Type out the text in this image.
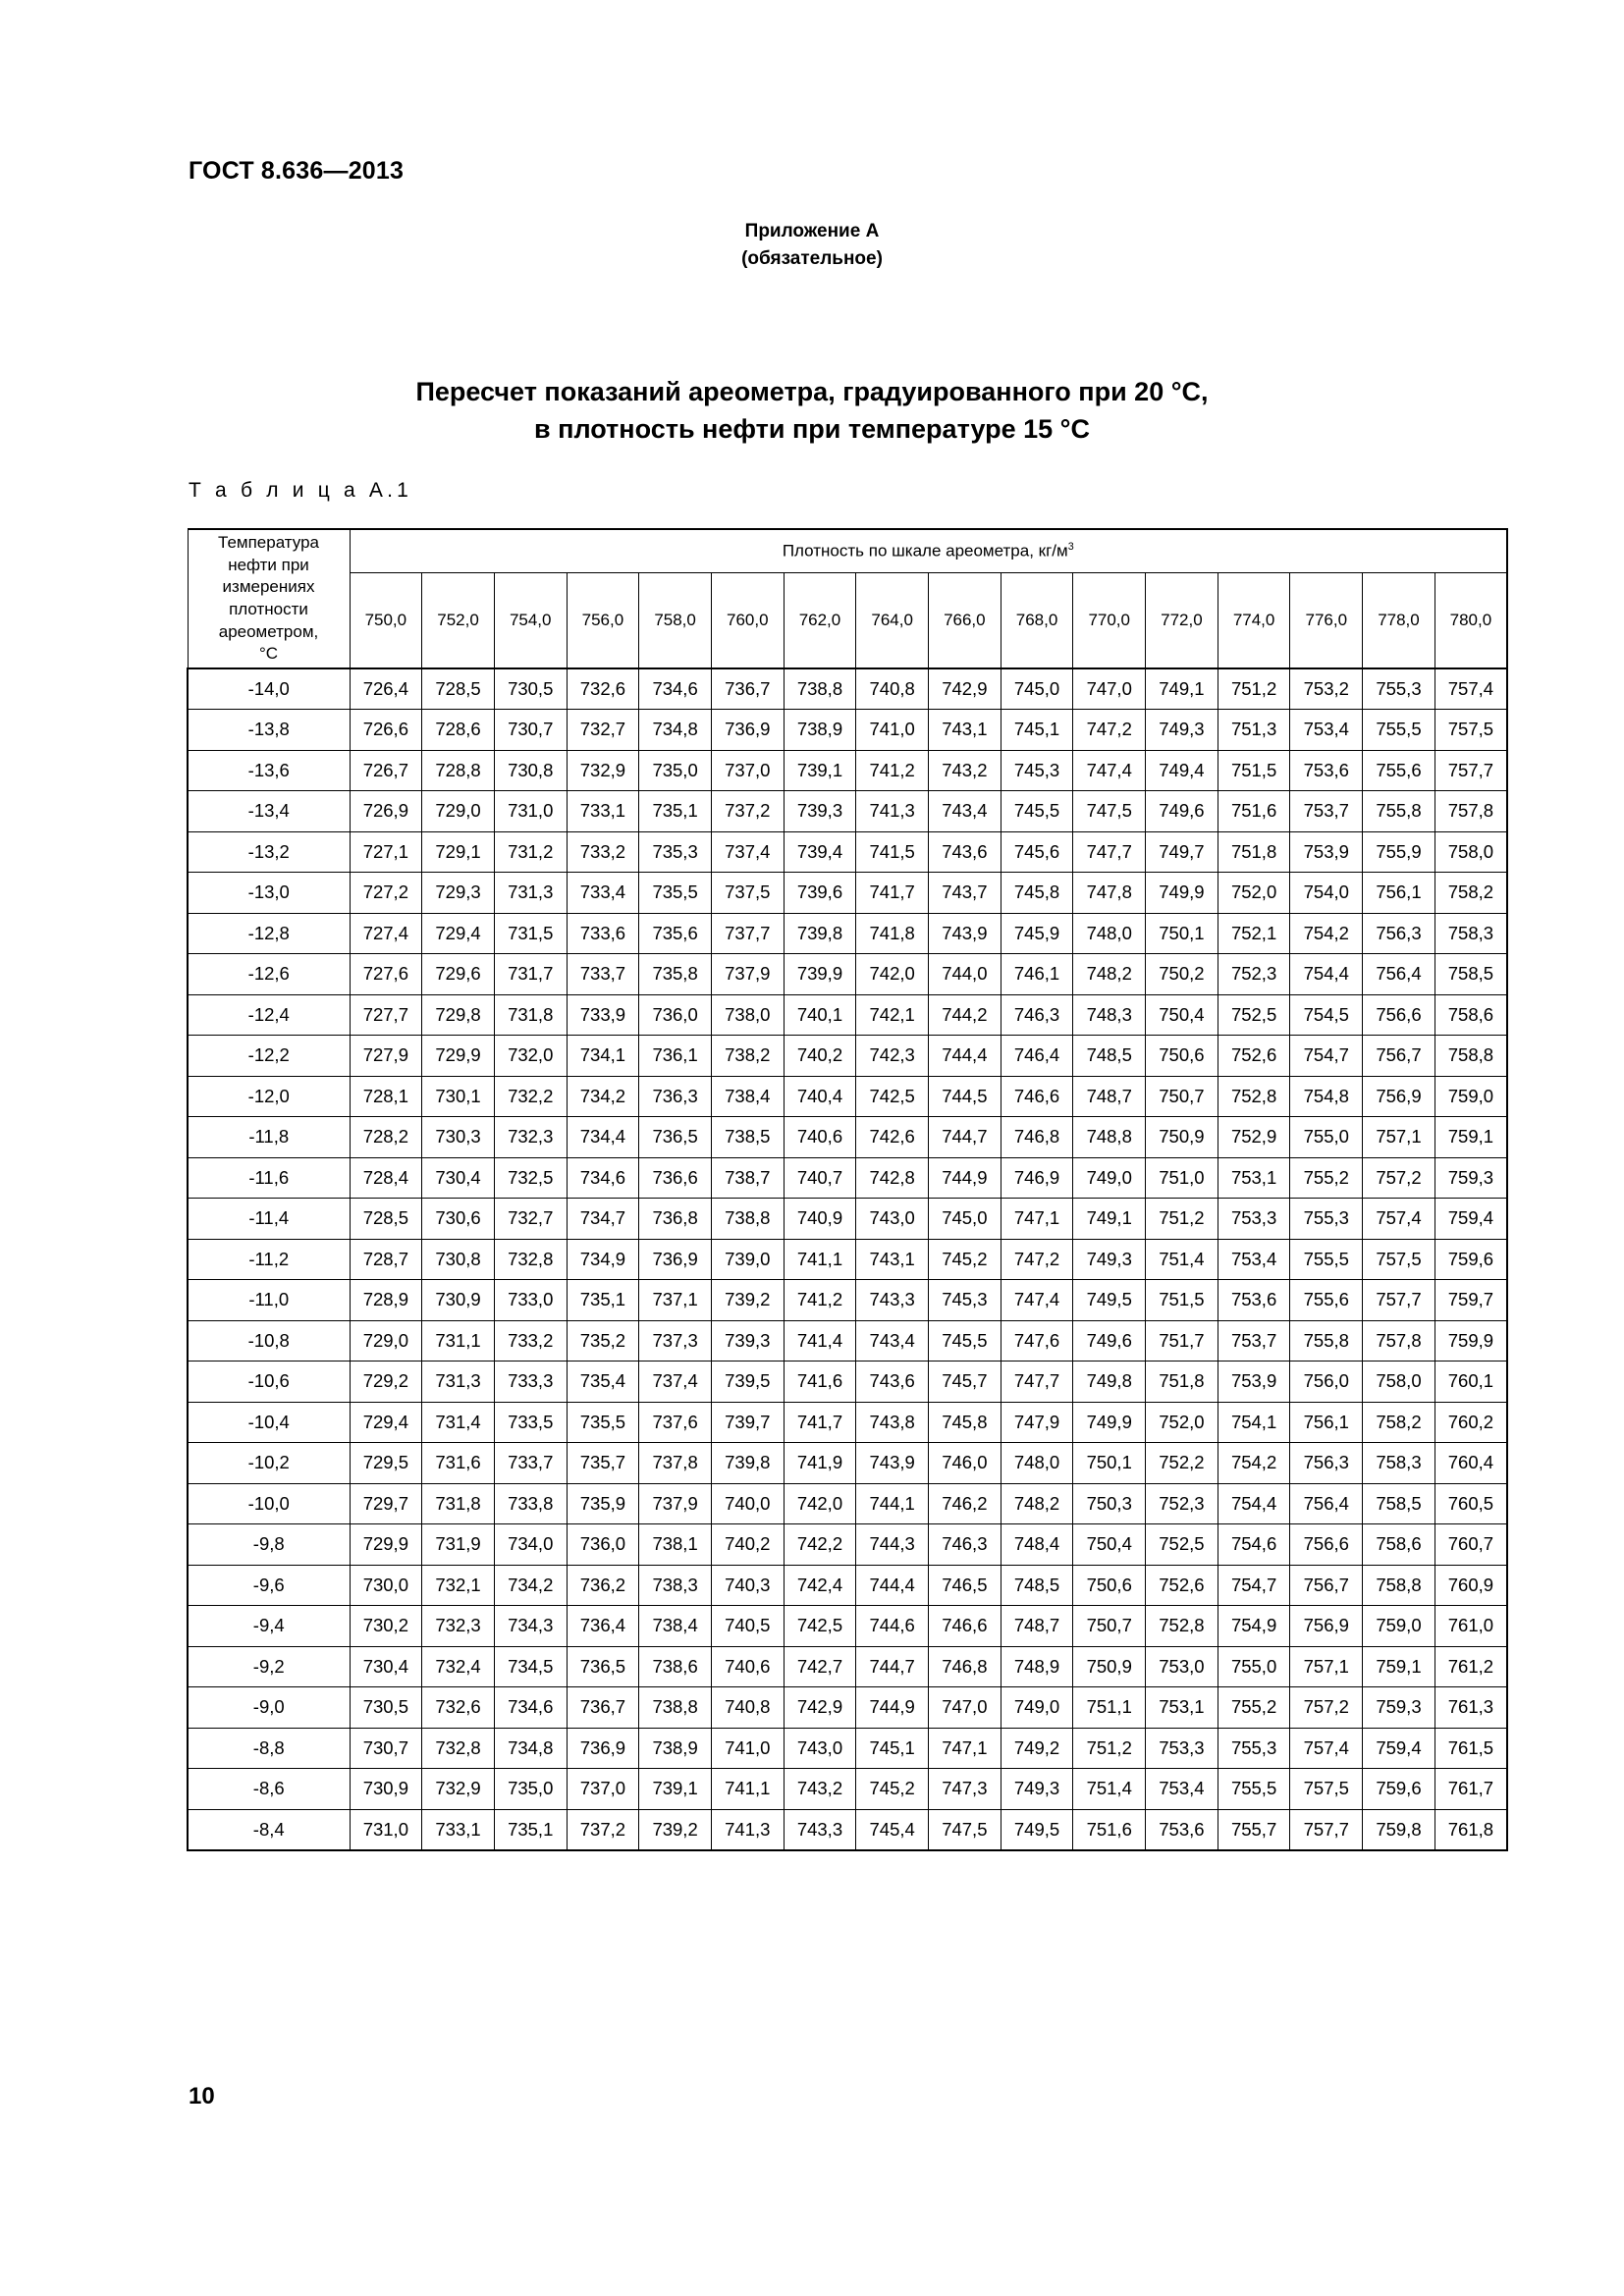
ГОСТ 8.636—2013
Приложение А
(обязательное)
Пересчет показаний ареометра, градуированного при 20 °C,
в плотность нефти при температуре 15 °C
Т а б л и ц а А.1
Температура
нефти при
измерениях
плотности
ареометром,
°C
	Плотность по шкале ареометра, $кг/м^3$
	750,0	752,0	754,0	756,0	758,0	760,0	762,0	764,0	766,0	768,0	770,0	772,0	774,0	776,0	778,0	780,0
-14,0	726,4	728,5	730,5	732,6	734,6	736,7	738,8	740,8	742,9	745,0	747,0	749,1	751,2	753,2	755,3	757,4
-13,8	726,6	728,6	730,7	732,7	734,8	736,9	738,9	741,0	743,1	745,1	747,2	749,3	751,3	753,4	755,5	757,5
-13,6	726,7	728,8	730,8	732,9	735,0	737,0	739,1	741,2	743,2	745,3	747,4	749,4	751,5	753,6	755,6	757,7
-13,4	726,9	729,0	731,0	733,1	735,1	737,2	739,3	741,3	743,4	745,5	747,5	749,6	751,6	753,7	755,8	757,8
-13,2	727,1	729,1	731,2	733,2	735,3	737,4	739,4	741,5	743,6	745,6	747,7	749,7	751,8	753,9	755,9	758,0
-13,0	727,2	729,3	731,3	733,4	735,5	737,5	739,6	741,7	743,7	745,8	747,8	749,9	752,0	754,0	756,1	758,2
-12,8	727,4	729,4	731,5	733,6	735,6	737,7	739,8	741,8	743,9	745,9	748,0	750,1	752,1	754,2	756,3	758,3
-12,6	727,6	729,6	731,7	733,7	735,8	737,9	739,9	742,0	744,0	746,1	748,2	750,2	752,3	754,4	756,4	758,5
-12,4	727,7	729,8	731,8	733,9	736,0	738,0	740,1	742,1	744,2	746,3	748,3	750,4	752,5	754,5	756,6	758,6
-12,2	727,9	729,9	732,0	734,1	736,1	738,2	740,2	742,3	744,4	746,4	748,5	750,6	752,6	754,7	756,7	758,8
-12,0	728,1	730,1	732,2	734,2	736,3	738,4	740,4	742,5	744,5	746,6	748,7	750,7	752,8	754,8	756,9	759,0
-11,8	728,2	730,3	732,3	734,4	736,5	738,5	740,6	742,6	744,7	746,8	748,8	750,9	752,9	755,0	757,1	759,1
-11,6	728,4	730,4	732,5	734,6	736,6	738,7	740,7	742,8	744,9	746,9	749,0	751,0	753,1	755,2	757,2	759,3
-11,4	728,5	730,6	732,7	734,7	736,8	738,8	740,9	743,0	745,0	747,1	749,1	751,2	753,3	755,3	757,4	759,4
-11,2	728,7	730,8	732,8	734,9	736,9	739,0	741,1	743,1	745,2	747,2	749,3	751,4	753,4	755,5	757,5	759,6
-11,0	728,9	730,9	733,0	735,1	737,1	739,2	741,2	743,3	745,3	747,4	749,5	751,5	753,6	755,6	757,7	759,7
-10,8	729,0	731,1	733,2	735,2	737,3	739,3	741,4	743,4	745,5	747,6	749,6	751,7	753,7	755,8	757,8	759,9
-10,6	729,2	731,3	733,3	735,4	737,4	739,5	741,6	743,6	745,7	747,7	749,8	751,8	753,9	756,0	758,0	760,1
-10,4	729,4	731,4	733,5	735,5	737,6	739,7	741,7	743,8	745,8	747,9	749,9	752,0	754,1	756,1	758,2	760,2
-10,2	729,5	731,6	733,7	735,7	737,8	739,8	741,9	743,9	746,0	748,0	750,1	752,2	754,2	756,3	758,3	760,4
-10,0	729,7	731,8	733,8	735,9	737,9	740,0	742,0	744,1	746,2	748,2	750,3	752,3	754,4	756,4	758,5	760,5
-9,8	729,9	731,9	734,0	736,0	738,1	740,2	742,2	744,3	746,3	748,4	750,4	752,5	754,6	756,6	758,6	760,7
-9,6	730,0	732,1	734,2	736,2	738,3	740,3	742,4	744,4	746,5	748,5	750,6	752,6	754,7	756,7	758,8	760,9
-9,4	730,2	732,3	734,3	736,4	738,4	740,5	742,5	744,6	746,6	748,7	750,7	752,8	754,9	756,9	759,0	761,0
-9,2	730,4	732,4	734,5	736,5	738,6	740,6	742,7	744,7	746,8	748,9	750,9	753,0	755,0	757,1	759,1	761,2
-9,0	730,5	732,6	734,6	736,7	738,8	740,8	742,9	744,9	747,0	749,0	751,1	753,1	755,2	757,2	759,3	761,3
-8,8	730,7	732,8	734,8	736,9	738,9	741,0	743,0	745,1	747,1	749,2	751,2	753,3	755,3	757,4	759,4	761,5
-8,6	730,9	732,9	735,0	737,0	739,1	741,1	743,2	745,2	747,3	749,3	751,4	753,4	755,5	757,5	759,6	761,7
-8,4	731,0	733,1	735,1	737,2	739,2	741,3	743,3	745,4	747,5	749,5	751,6	753,6	755,7	757,7	759,8	761,8
10
